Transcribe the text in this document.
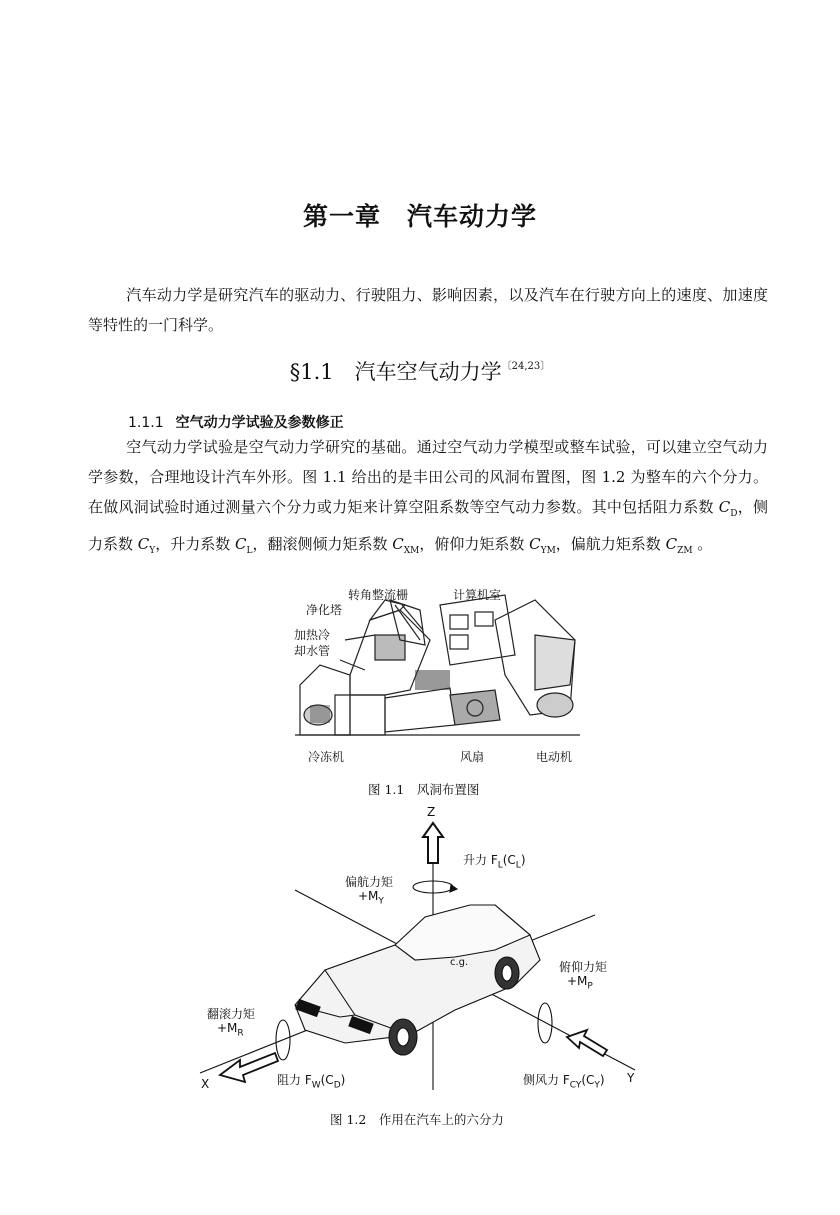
第一章　汽车动力学
汽车动力学是研究汽车的驱动力、行驶阻力、影响因素，以及汽车在行驶方向上的速度、加速度等特性的一门科学。
§1.1　汽车空气动力学$^{〔24,23〕}$
1.1.1 空气动力学试验及参数修正
空气动力学试验是空气动力学研究的基础。通过空气动力学模型或整车试验，可以建立空气动力学参数，合理地设计汽车外形。图 1.1 给出的是丰田公司的风洞布置图，图 1.2 为整车的六个分力。在做风洞试验时通过测量六个分力或力矩来计算空阻系数等空气动力参数。其中包括阻力系数 $C_D$，侧力系数 $C_Y$，升力系数 $C_L$，翻滚侧倾力矩系数 $C_{XM}$，俯仰力矩系数 $C_{YM}$，偏航力矩系数 $C_{ZM}$ 。
转角整流栅	计算机室
净化塔
加热冷
却水管
冷冻机	风扇	电动机
图 1.1　风洞布置图
Z
升力 $F_L(C_L)$
偏航力矩
$+M_Y$
c.g.	俯仰力矩
$+M_P$
翻滚力矩
$+M_R$
X	阻力 $F_W(C_D)$	侧风力 $F_{CY}(C_Y)$ Y
图 1.2　作用在汽车上的六分力
